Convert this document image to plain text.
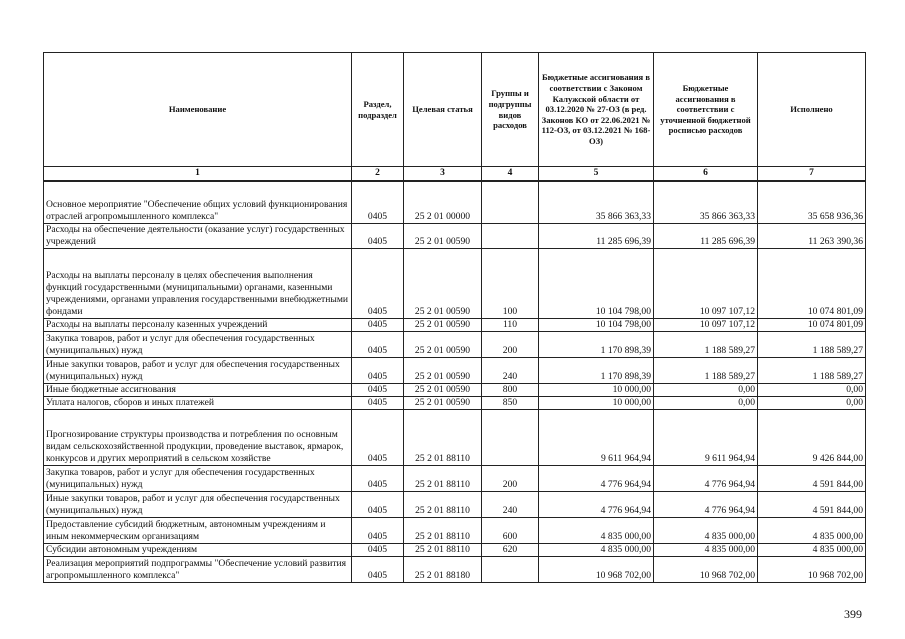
Наименование	Раздел, подраздел	Целевая статья	Группы и подгруппы видов расходов	Бюджетные ассигнования в соответствии с Законом Калужской области от 03.12.2020 № 27-ОЗ (в ред. Законов КО от 22.06.2021 № 112-ОЗ, от 03.12.2021 № 168-ОЗ)	Бюджетные ассигнования в соответствии с уточненной бюджетной росписью расходов	Исполнено
1	2	3	4	5	6	7
Основное мероприятие "Обеспечение общих условий функционирования отраслей агропромышленного комплекса"	0405	25 2 01 00000		35 866 363,33	35 866 363,33	35 658 936,36
Расходы на обеспечение деятельности (оказание услуг) государственных учреждений	0405	25 2 01 00590		11 285 696,39	11 285 696,39	11 263 390,36
Расходы на выплаты персоналу в целях обеспечения выполнения функций государственными (муниципальными) органами, казенными учреждениями, органами управления государственными внебюджетными фондами	0405	25 2 01 00590	100	10 104 798,00	10 097 107,12	10 074 801,09
Расходы на выплаты персоналу казенных учреждений	0405	25 2 01 00590	110	10 104 798,00	10 097 107,12	10 074 801,09
Закупка товаров, работ и услуг для обеспечения государственных (муниципальных) нужд	0405	25 2 01 00590	200	1 170 898,39	1 188 589,27	1 188 589,27
Иные закупки товаров, работ и услуг для обеспечения государственных (муниципальных) нужд	0405	25 2 01 00590	240	1 170 898,39	1 188 589,27	1 188 589,27
Иные бюджетные ассигнования	0405	25 2 01 00590	800	10 000,00	0,00	0,00
Уплата налогов, сборов и иных платежей	0405	25 2 01 00590	850	10 000,00	0,00	0,00
Прогнозирование структуры производства и потребления по основным видам сельскохозяйственной продукции, проведение выставок, ярмарок, конкурсов и других мероприятий в сельском хозяйстве	0405	25 2 01 88110		9 611 964,94	9 611 964,94	9 426 844,00
Закупка товаров, работ и услуг для обеспечения государственных (муниципальных) нужд	0405	25 2 01 88110	200	4 776 964,94	4 776 964,94	4 591 844,00
Иные закупки товаров, работ и услуг для обеспечения государственных (муниципальных) нужд	0405	25 2 01 88110	240	4 776 964,94	4 776 964,94	4 591 844,00
Предоставление субсидий бюджетным, автономным учреждениям и иным некоммерческим организациям	0405	25 2 01 88110	600	4 835 000,00	4 835 000,00	4 835 000,00
Субсидии автономным учреждениям	0405	25 2 01 88110	620	4 835 000,00	4 835 000,00	4 835 000,00
Реализация мероприятий подпрограммы "Обеспечение условий развития агропромышленного комплекса"	0405	25 2 01 88180		10 968 702,00	10 968 702,00	10 968 702,00
399
